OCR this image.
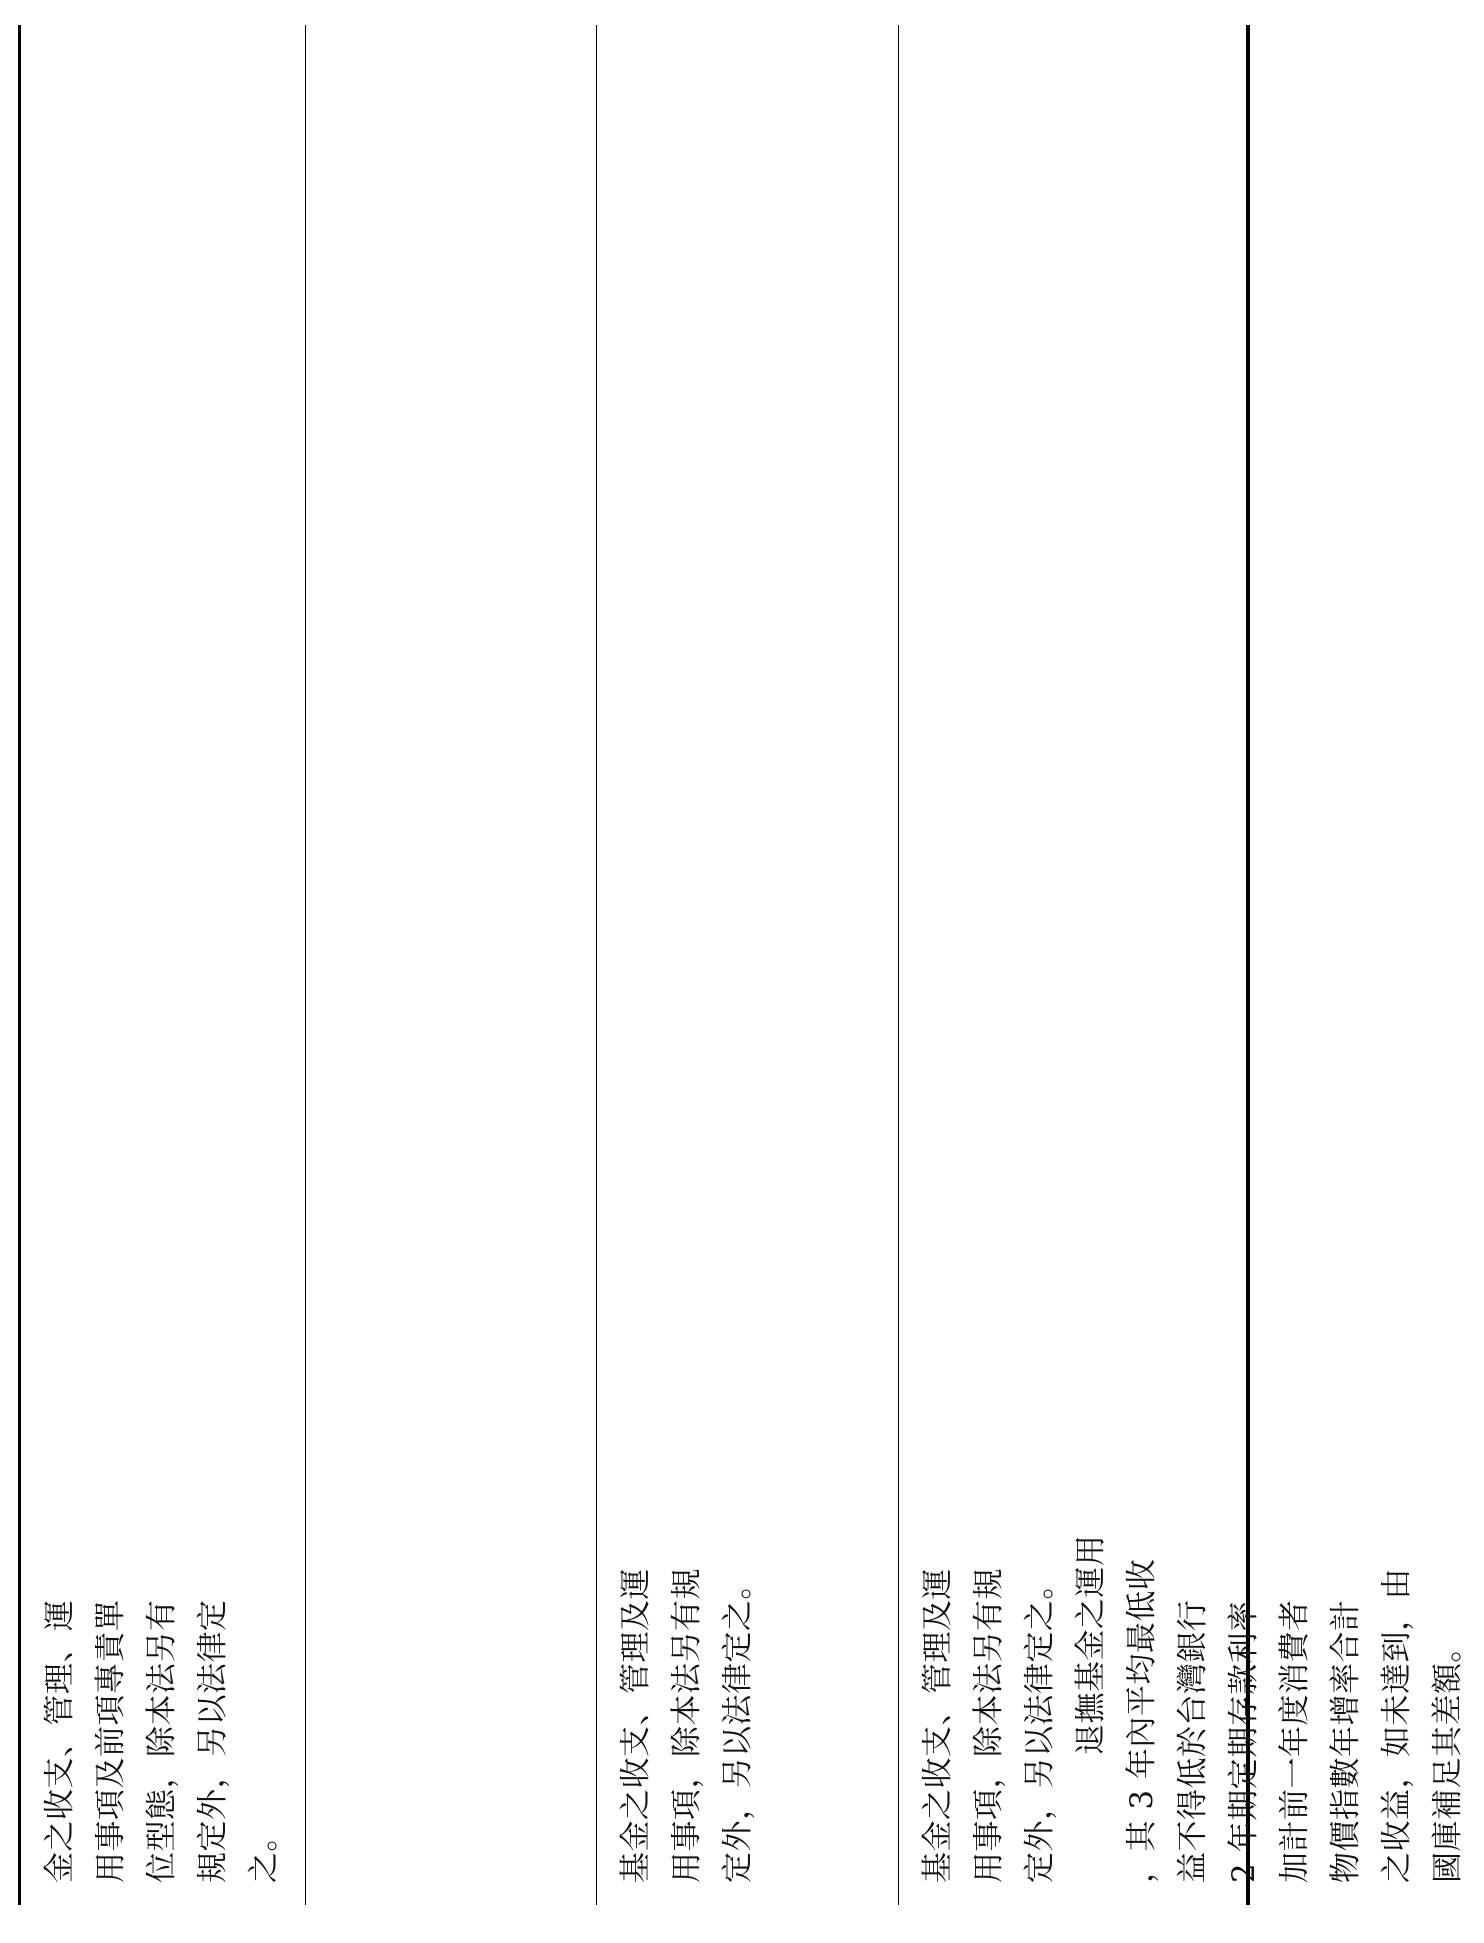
金之收支、管理、運 用事項及前項專責單 位型態，除本法另有 規定外，另以法律定 之。	基金之收支、管理及運 用事項，除本法另有規 定外，另以法律定之。	基金之收支、管理及運 用事項，除本法另有規 定外，另以法律定之。 退撫基金之運用 ，其 3 年內平均最低收 益不得低於台灣銀行 2 年期定期存款利率 加計前一年度消費者 物價指數年增率合計 之收益，如未達到，由 國庫補足其差額。
